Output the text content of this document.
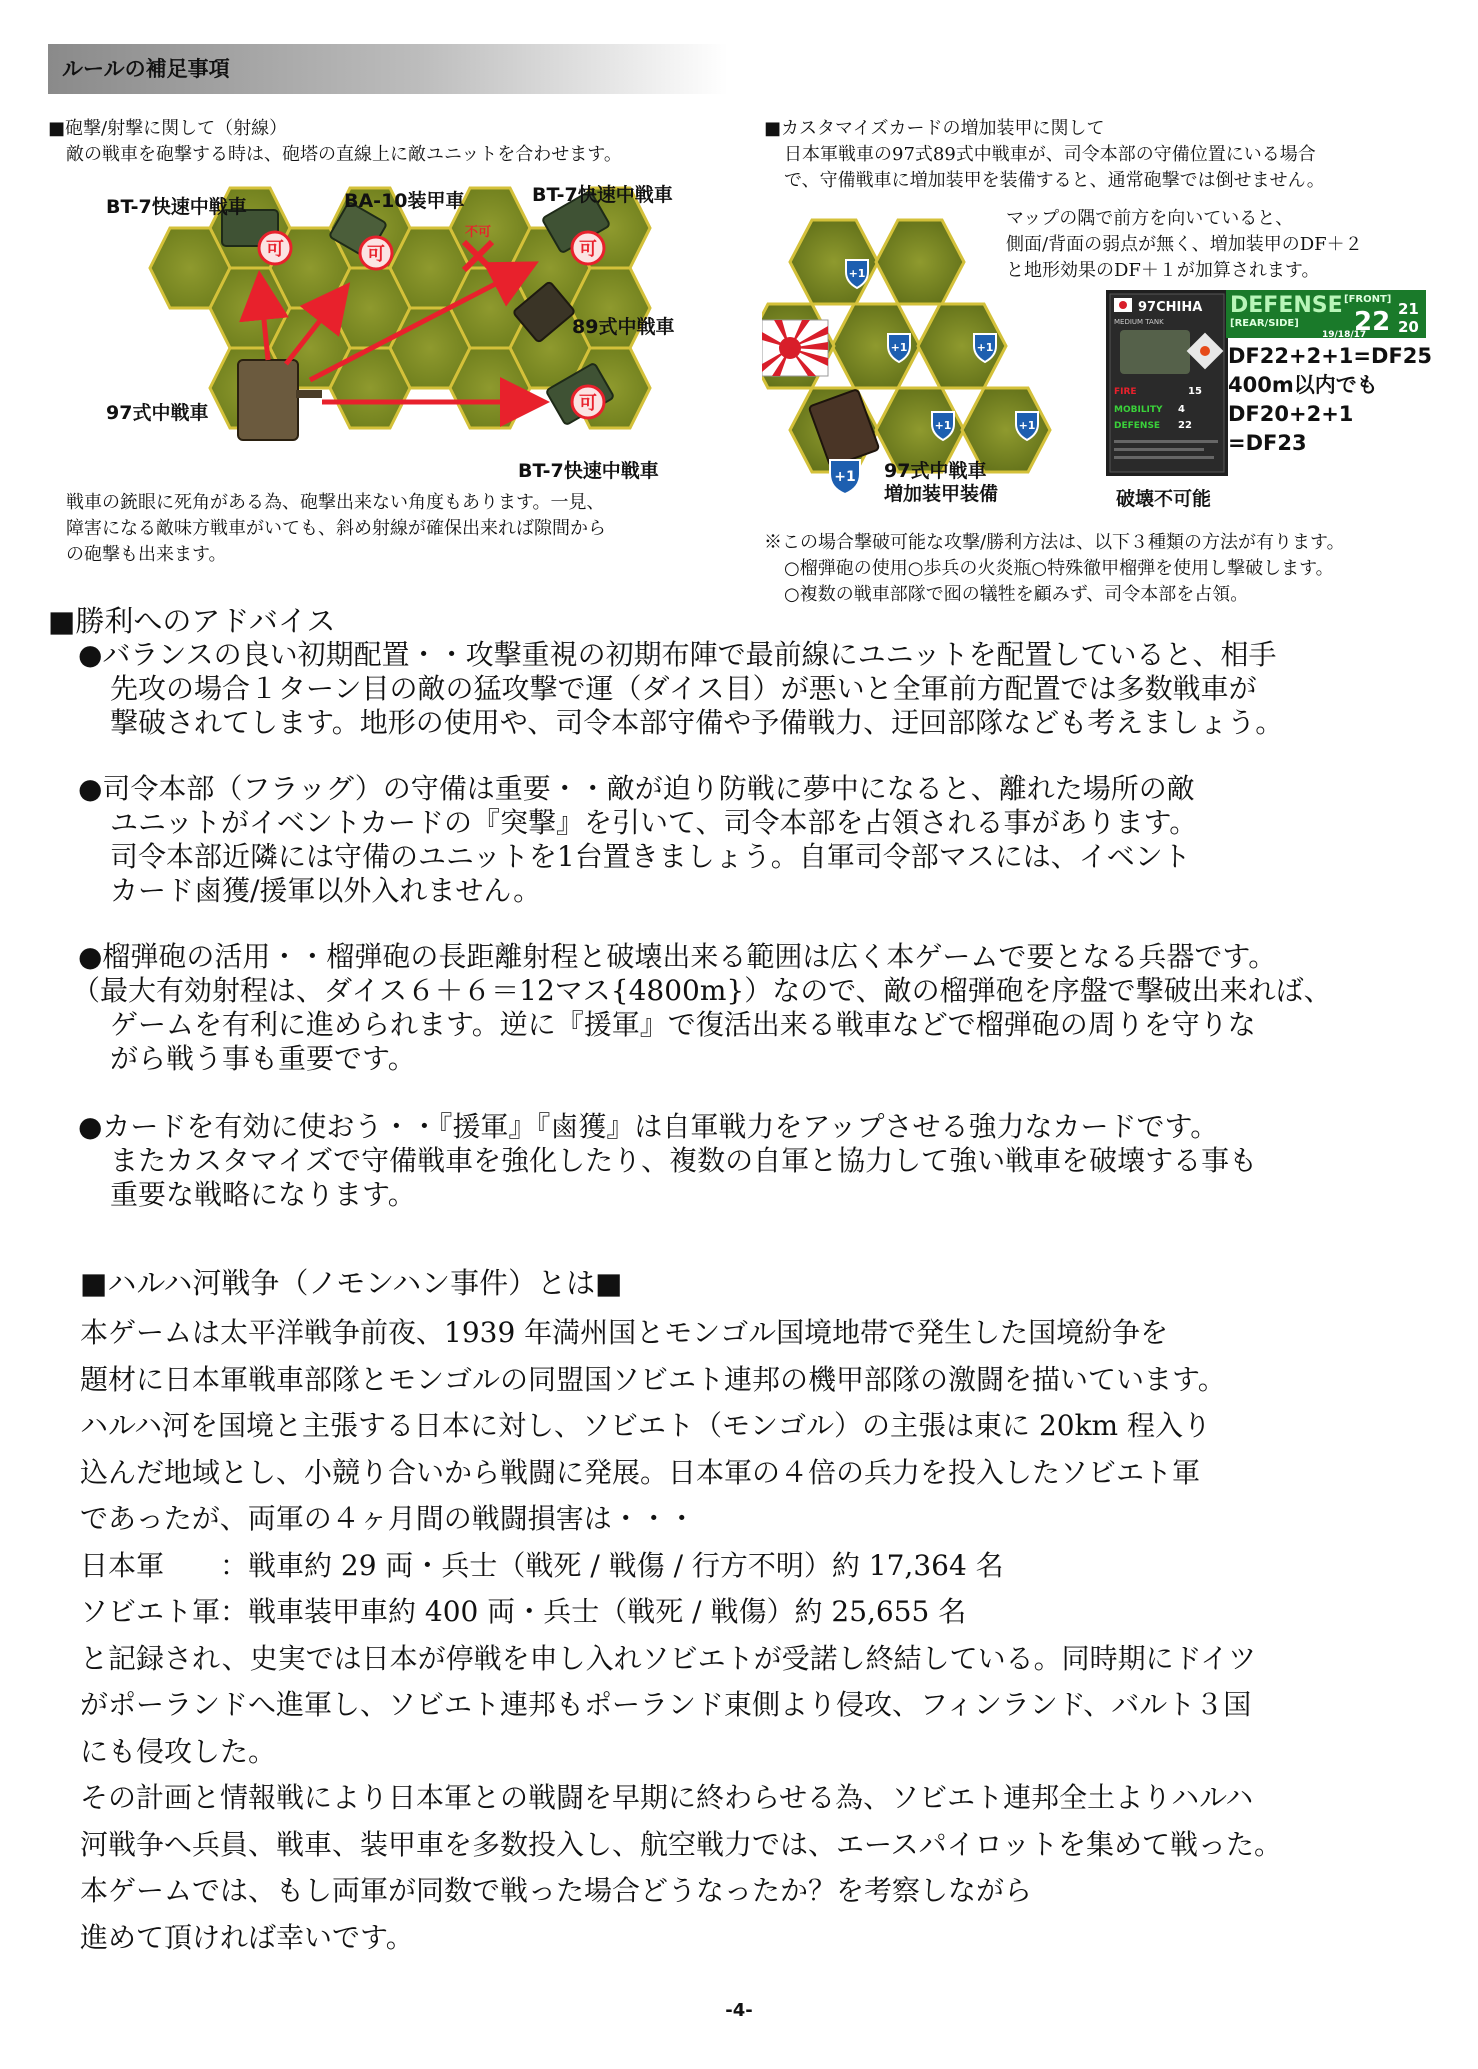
ルールの補足事項
■砲撃/射撃に関して（射線）
敵の戦車を砲撃する時は、砲塔の直線上に敵ユニットを合わせます。
可	可
不可
可
可
BT-7快速中戦車	BA-10装甲車	BT-7快速中戦車
89式中戦車
97式中戦車
BT-7快速中戦車
戦車の銃眼に死角がある為、砲撃出来ない角度もあります。一見、
障害になる敵味方戦車がいても、斜め射線が確保出来れば隙間から
の砲撃も出来ます。
■カスタマイズカードの増加装甲に関して
日本軍戦車の97式89式中戦車が、司令本部の守備位置にいる場合
で、守備戦車に増加装甲を装備すると、通常砲撃では倒せません。
マップの隅で前方を向いていると、
側面/背面の弱点が無く、増加装甲のDF＋２
と地形効果のDF＋１が加算されます。
+1
+1	+1
+1	+1
+1 97式中戦車
増加装甲装備
97CHIHA
MEDIUM TANK
FIRE	15
MOBILITY 4
DEFENSE 22
DEFENSE [FRONT]
[REAR/SIDE] 22 21
20
19/18/17
DF22+2+1=DF25
400m以内でも
DF20+2+1
=DF23
破壊不可能
※この場合撃破可能な攻撃/勝利方法は、以下３種類の方法が有ります。
○榴弾砲の使用○歩兵の火炎瓶○特殊徹甲榴弾を使用し撃破します。
○複数の戦車部隊で囮の犠牲を顧みず、司令本部を占領。
■勝利へのアドバイス
●バランスの良い初期配置・・攻撃重視の初期布陣で最前線にユニットを配置していると、相手
先攻の場合１ターン目の敵の猛攻撃で運（ダイス目）が悪いと全軍前方配置では多数戦車が
撃破されてします。地形の使用や、司令本部守備や予備戦力、迂回部隊なども考えましょう。
●司令本部（フラッグ）の守備は重要・・敵が迫り防戦に夢中になると、離れた場所の敵
ユニットがイベントカードの『突撃』を引いて、司令本部を占領される事があります。
司令本部近隣には守備のユニットを1台置きましょう。自軍司令部マスには、イベント
カード鹵獲/援軍以外入れません。
●榴弾砲の活用・・榴弾砲の長距離射程と破壊出来る範囲は広く本ゲームで要となる兵器です。
（最大有効射程は、ダイス６＋６＝12マス{4800m}）なので、敵の榴弾砲を序盤で撃破出来れば、
ゲームを有利に進められます。逆に『援軍』で復活出来る戦車などで榴弾砲の周りを守りな
がら戦う事も重要です。
●カードを有効に使おう・・『援軍』『鹵獲』は自軍戦力をアップさせる強力なカードです。
またカスタマイズで守備戦車を強化したり、複数の自軍と協力して強い戦車を破壊する事も
重要な戦略になります。
■ハルハ河戦争（ノモンハン事件）とは■
本ゲームは太平洋戦争前夜、1939 年満州国とモンゴル国境地帯で発生した国境紛争を
題材に日本軍戦車部隊とモンゴルの同盟国ソビエト連邦の機甲部隊の激闘を描いています。
ハルハ河を国境と主張する日本に対し、ソビエト（モンゴル）の主張は東に 20km 程入り
込んだ地域とし、小競り合いから戦闘に発展。日本軍の４倍の兵力を投入したソビエト軍
であったが、両軍の４ヶ月間の戦闘損害は・・・
日本軍　　：戦車約 29 両・兵士（戦死 / 戦傷 / 行方不明）約 17,364 名
ソビエト軍：戦車装甲車約 400 両・兵士（戦死 / 戦傷）約 25,655 名
と記録され、史実では日本が停戦を申し入れソビエトが受諾し終結している。同時期にドイツ
がポーランドへ進軍し、ソビエト連邦もポーランド東側より侵攻、フィンランド、バルト３国
にも侵攻した。
その計画と情報戦により日本軍との戦闘を早期に終わらせる為、ソビエト連邦全土よりハルハ
河戦争へ兵員、戦車、装甲車を多数投入し、航空戦力では、エースパイロットを集めて戦った。
本ゲームでは、もし両軍が同数で戦った場合どうなったか？を考察しながら
進めて頂ければ幸いです。
-4-
